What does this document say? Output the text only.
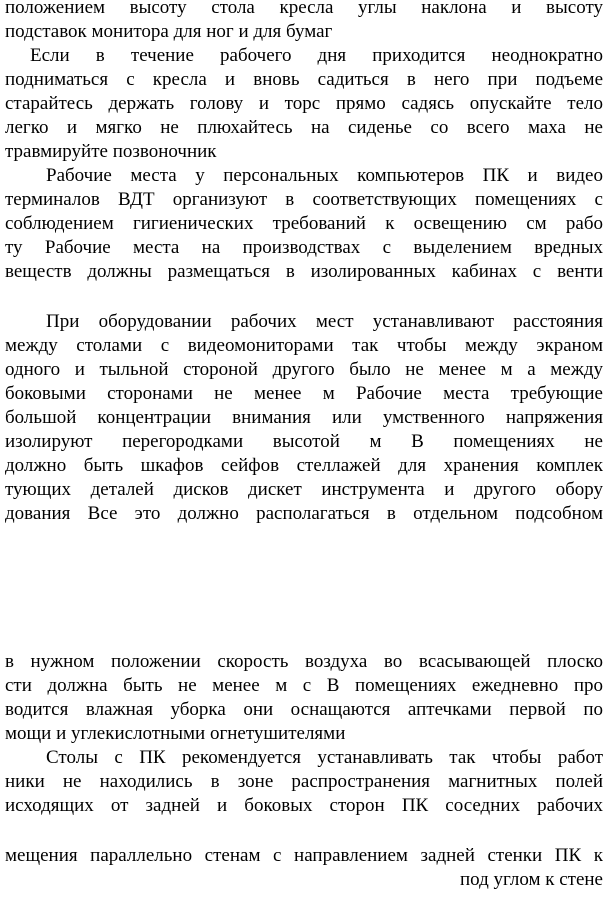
положением высоту стола кресла углы наклона и высоту
подставок монитора для ног и для бумаг
Если в течение рабочего дня приходится неоднократно
подниматься с кресла и вновь садиться в него при подъеме
старайтесь держать голову и торс прямо садясь опускайте тело
легко и мягко не плюхайтесь на сиденье со всего маха не
травмируйте позвоночник
Рабочие места у персональных компьютеров ПК и видео
терминалов ВДТ организуют в соответствующих помещениях с
соблюдением гигиенических требований к освещению см рабо
ту Рабочие места на производствах с выделением вредных
веществ должны размещаться в изолированных кабинах с венти
При оборудовании рабочих мест устанавливают расстояния
между столами с видеомониторами так чтобы между экраном
одного и тыльной стороной другого было не менее м а между
боковыми сторонами не менее м Рабочие места требующие
большой концентрации внимания или умственного напряжения
изолируют перегородками высотой м В помещениях не
должно быть шкафов сейфов стеллажей для хранения комплек
тующих деталей дисков дискет инструмента и другого обору
дования Все это должно располагаться в отдельном подсобном
в нужном положении скорость воздуха во всасывающей плоско
сти должна быть не менее м с В помещениях ежедневно про
водится влажная уборка они оснащаются аптечками первой по
мощи и углекислотными огнетушителями
Столы с ПК рекомендуется устанавливать так чтобы работ
ники не находились в зоне распространения магнитных полей
исходящих от задней и боковых сторон ПК соседних рабочих
мещения параллельно стенам с направлением задней стенки ПК к
под углом к стене
